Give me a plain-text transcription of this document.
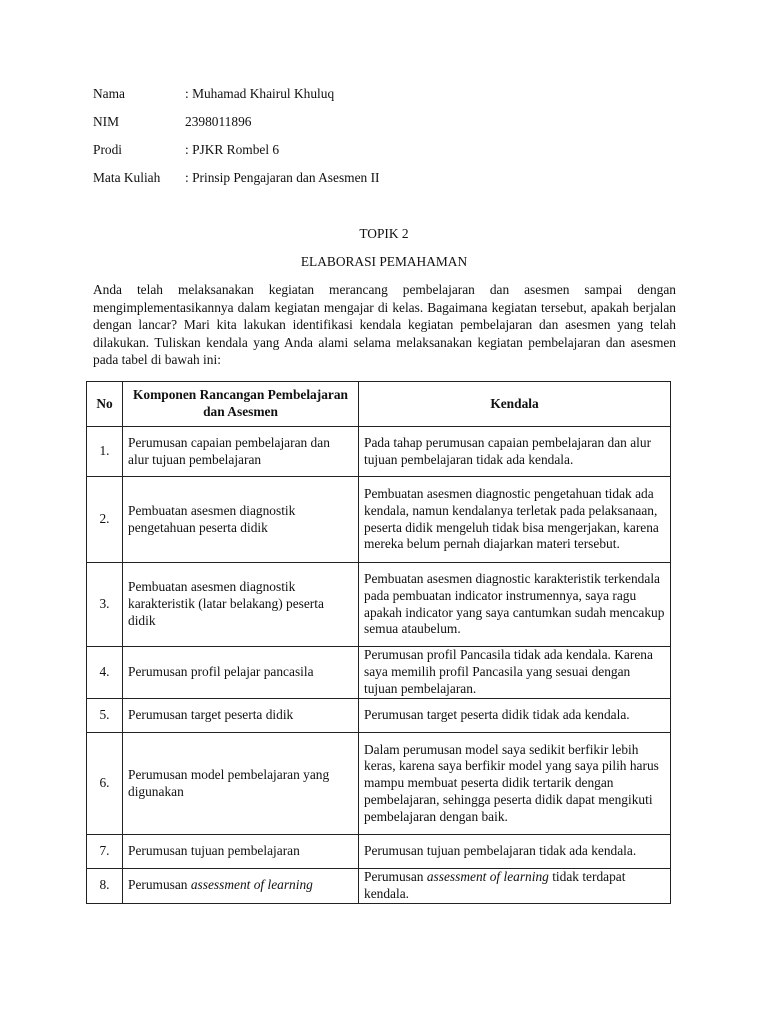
Nama	: Muhamad Khairul Khuluq
NIM	2398011896
Prodi	: PJKR Rombel 6
Mata Kuliah	: Prinsip Pengajaran dan Asesmen II
TOPIK 2
ELABORASI PEMAHAMAN
Anda telah melaksanakan kegiatan merancang pembelajaran dan asesmen sampai dengan mengimplementasikannya dalam kegiatan mengajar di kelas. Bagaimana kegiatan tersebut, apakah berjalan dengan lancar? Mari kita lakukan identifikasi kendala kegiatan pembelajaran dan asesmen yang telah dilakukan. Tuliskan kendala yang Anda alami selama melaksanakan kegiatan pembelajaran dan asesmen pada tabel di bawah ini:
No	Komponen Rancangan Pembelajaran dan Asesmen	Kendala
1.	Perumusan capaian pembelajaran dan alur tujuan pembelajaran	Pada tahap perumusan capaian pembelajaran dan alur tujuan pembelajaran tidak ada kendala.
2.	Pembuatan asesmen diagnostik pengetahuan peserta didik	Pembuatan asesmen diagnostic pengetahuan tidak ada kendala, namun kendalanya terletak pada pelaksanaan, peserta didik mengeluh tidak bisa mengerjakan, karena mereka belum pernah diajarkan materi tersebut.
3.	Pembuatan asesmen diagnostik karakteristik (latar belakang) peserta didik	Pembuatan asesmen diagnostic karakteristik terkendala pada pembuatan indicator instrumennya, saya ragu apakah indicator yang saya cantumkan sudah mencakup semua ataubelum.
4.	Perumusan profil pelajar pancasila	Perumusan profil Pancasila tidak ada kendala. Karena saya memilih profil Pancasila yang sesuai dengan tujuan pembelajaran.
5.	Perumusan target peserta didik	Perumusan target peserta didik tidak ada kendala.
6.	Perumusan model pembelajaran yang digunakan	Dalam perumusan model saya sedikit berfikir lebih keras, karena saya berfikir model yang saya pilih harus mampu membuat peserta didik tertarik dengan pembelajaran, sehingga peserta didik dapat mengikuti pembelajaran dengan baik.
7.	Perumusan tujuan pembelajaran	Perumusan tujuan pembelajaran tidak ada kendala.
8.	Perumusan assessment of learning	Perumusan assessment of learning tidak terdapat kendala.
